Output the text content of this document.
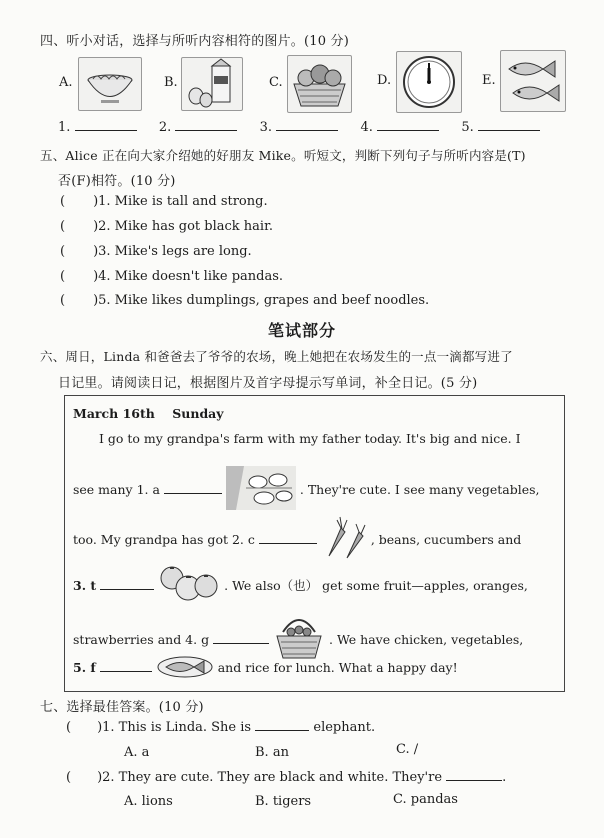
四、听小对话，选择与所听内容相符的图片。(10 分)
A.	B.	C.	D.	E.
1.	2.	3.	4.	5.
五、Alice 正在向大家介绍她的好朋友 Mike。听短文，判断下列句子与所听内容是(T)
否(F)相符。(10 分)
( )1. Mike is tall and strong.
( )2. Mike has got black hair.
( )3. Mike's legs are long.
( )4. Mike doesn't like pandas.
( )5. Mike likes dumplings, grapes and beef noodles.
笔试部分
六、周日，Linda 和爸爸去了爷爷的农场，晚上她把在农场发生的一点一滴都写进了
日记里。请阅读日记，根据图片及首字母提示写单词，补全日记。(5 分)
March 16th    Sunday
I go to my grandpa's farm with my father today. It's big and nice. I
see many 1. a	. They're cute. I see many vegetables,
too. My grandpa has got 2. c	, beans, cucumbers and
3. t	. We also（也） get some fruit—apples, oranges,
strawberries and 4. g	. We have chicken, vegetables,
5. f	and rice for lunch. What a happy day!
七、选择最佳答案。(10 分)
( )1. This is Linda. She is	elephant.
A. a	B. an	C. /
( )2. They are cute. They are black and white. They're	.
A. lions	B. tigers	C. pandas
